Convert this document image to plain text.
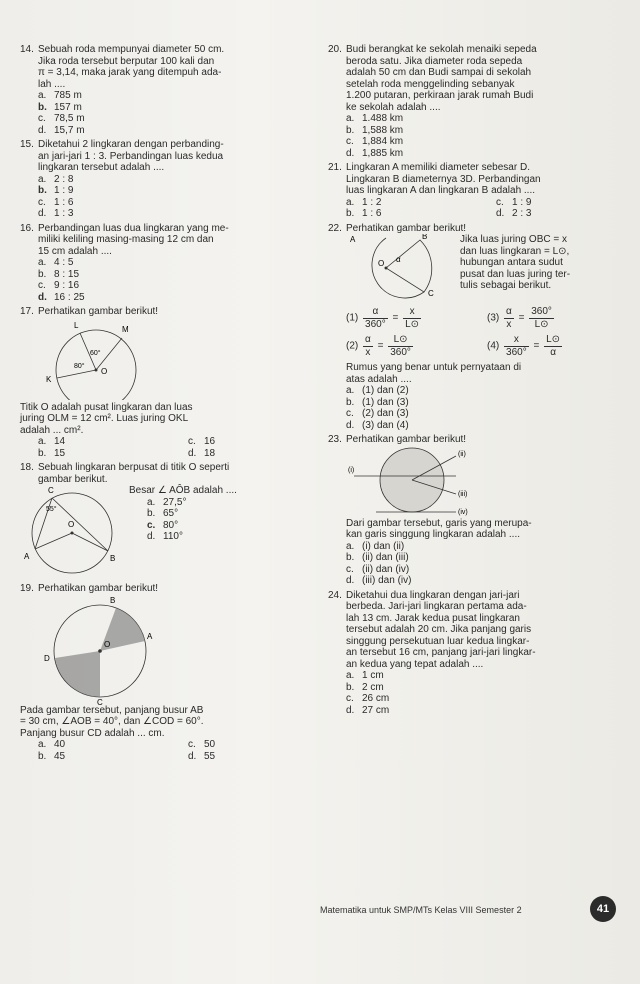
14. Sebuah roda mempunyai diameter 50 cm.
Jika roda tersebut berputar 100 kali dan
π = 3,14, maka jarak yang ditempuh ada-
lah ....
a. 785 m
b. 157 m
c. 78,5 m
d. 15,7 m
15. Diketahui 2 lingkaran dengan perbanding-
an jari-jari 1 : 3. Perbandingan luas kedua
lingkaran tersebut adalah ....
a. 2 : 8
b. 1 : 9
c. 1 : 6
d. 1 : 3
16. Perbandingan luas dua lingkaran yang me-
miliki keliling masing-masing 12 cm dan
15 cm adalah ....
a. 4 : 5
b. 8 : 15
c. 9 : 16
d. 16 : 25
17. Perhatikan gambar berikut!
L	M
K
O
60°
80°
Titik O adalah pusat lingkaran dan luas
juring OLM = 12 cm². Luas juring OKL
adalah ... cm².
a. 14	c. 16
b. 15	d. 18
18. Sebuah lingkaran berpusat di titik O seperti
gambar berikut.
C
O
A	B
55°
Besar ∠ AÔB adalah ....
a. 27,5°
b. 65°
c. 80°
d. 110°
19. Perhatikan gambar berikut!
B
A
D
C
O
Pada gambar tersebut, panjang busur AB
= 30 cm, ∠AOB = 40°, dan ∠COD = 60°.
Panjang busur CD adalah ... cm.
a. 40	c. 50
b. 45	d. 55
20. Budi berangkat ke sekolah menaiki sepeda
beroda satu. Jika diameter roda sepeda
adalah 50 cm dan Budi sampai di sekolah
setelah roda menggelinding sebanyak
1.200 putaran, perkiraan jarak rumah Budi
ke sekolah adalah ....
a. 1.488 km
b. 1,588 km
c. 1,884 km
d. 1,885 km
21. Lingkaran A memiliki diameter sebesar D.
Lingkaran B diameternya 3D. Perbandingan
luas lingkaran A dan lingkaran B adalah ....
a. 1 : 2	c. 1 : 9
b. 1 : 6	d. 2 : 3
22. Perhatikan gambar berikut!
A	B
C
O α
Jika luas juring OBC = x
dan luas lingkaran = L⊙,
hubungan antara sudut
pusat dan luas juring ter-
tulis sebagai berikut.
$(1) \frac{\alpha}{360^\circ} = \frac{x}{L⊙}$	$(3) \frac{\alpha}{x} = \frac{360^\circ}{L⊙}$
$(2) \frac{\alpha}{x} = \frac{L⊙}{360^\circ}$	$(4) \frac{x}{360^\circ} = \frac{L⊙}{\alpha}$
Rumus yang benar untuk pernyataan di
atas adalah ....
a. (1) dan (2)
b. (1) dan (3)
c. (2) dan (3)
d. (3) dan (4)
23. Perhatikan gambar berikut!
(ii)
(i)
(iii)
(iv)
Dari gambar tersebut, garis yang merupa-
kan garis singgung lingkaran adalah ....
a. (i) dan (ii)
b. (ii) dan (iii)
c. (ii) dan (iv)
d. (iii) dan (iv)
24. Diketahui dua lingkaran dengan jari-jari
berbeda. Jari-jari lingkaran pertama ada-
lah 13 cm. Jarak kedua pusat lingkaran
tersebut adalah 20 cm. Jika panjang garis
singgung persekutuan luar kedua lingkar-
an tersebut 16 cm, panjang jari-jari lingkar-
an kedua yang tepat adalah ....
a. 1 cm
b. 2 cm
c. 26 cm
d. 27 cm
Matematika untuk SMP/MTs Kelas VIII Semester 2	41
